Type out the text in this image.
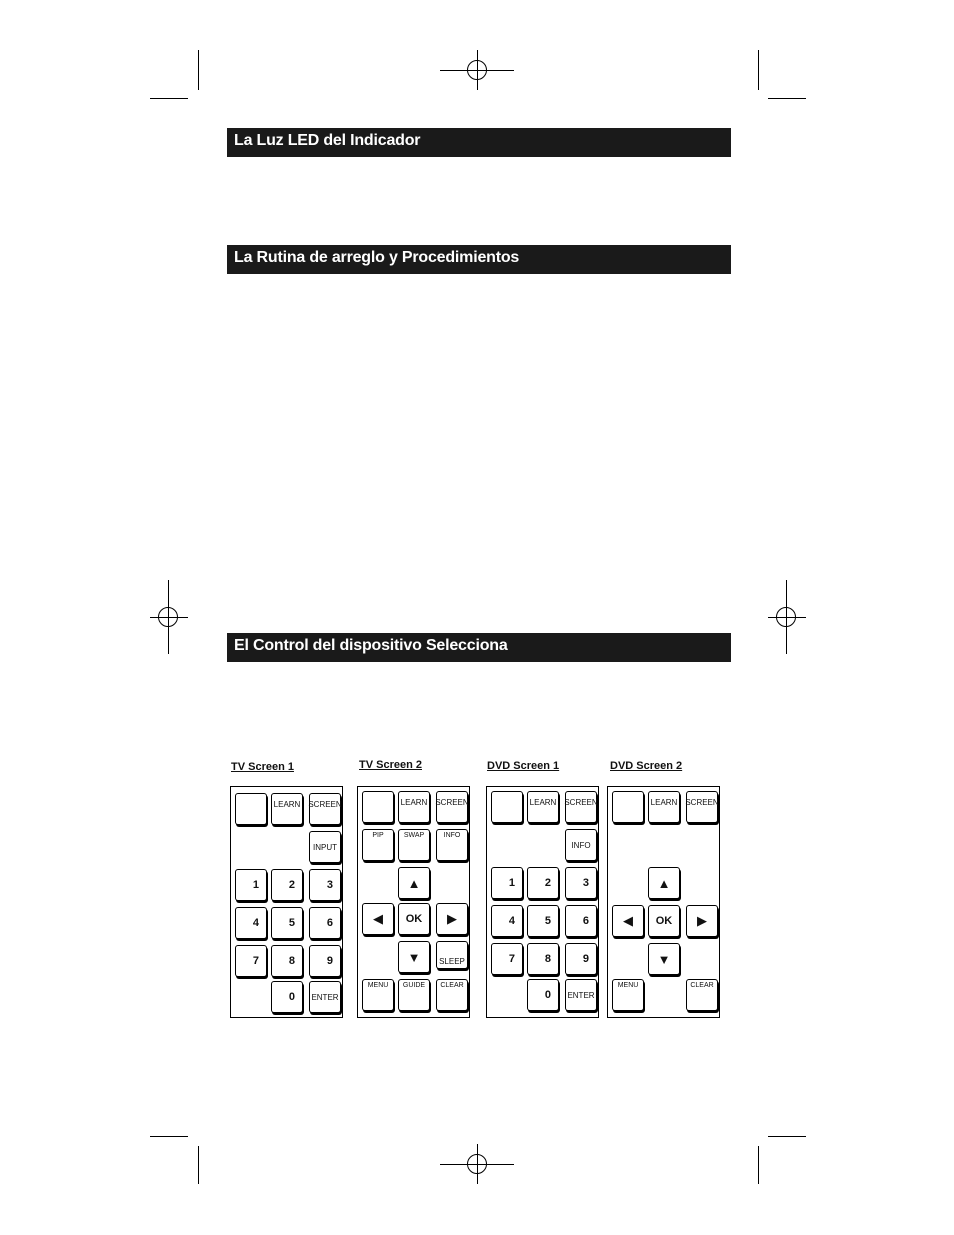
La Luz LED del Indicador
La Rutina de arreglo y Procedimientos
El Control del dispositivo Selecciona
TV Screen 1	TV Screen 2	DVD Screen 1	DVD Screen 2
LEARN SCREEN
INPUT
1	2	3
4	5	6
7	8	9
0	ENTER
LEARN SCREEN
PIP	SWAP	INFO
▲
◀	OK	▶
▼	SLEEP
MENU	GUIDE	CLEAR
LEARN SCREEN
INFO
1	2	3
4	5	6
7	8	9
0	ENTER
LEARN SCREEN
▲
◀	OK	▶
▼
MENU	CLEAR
